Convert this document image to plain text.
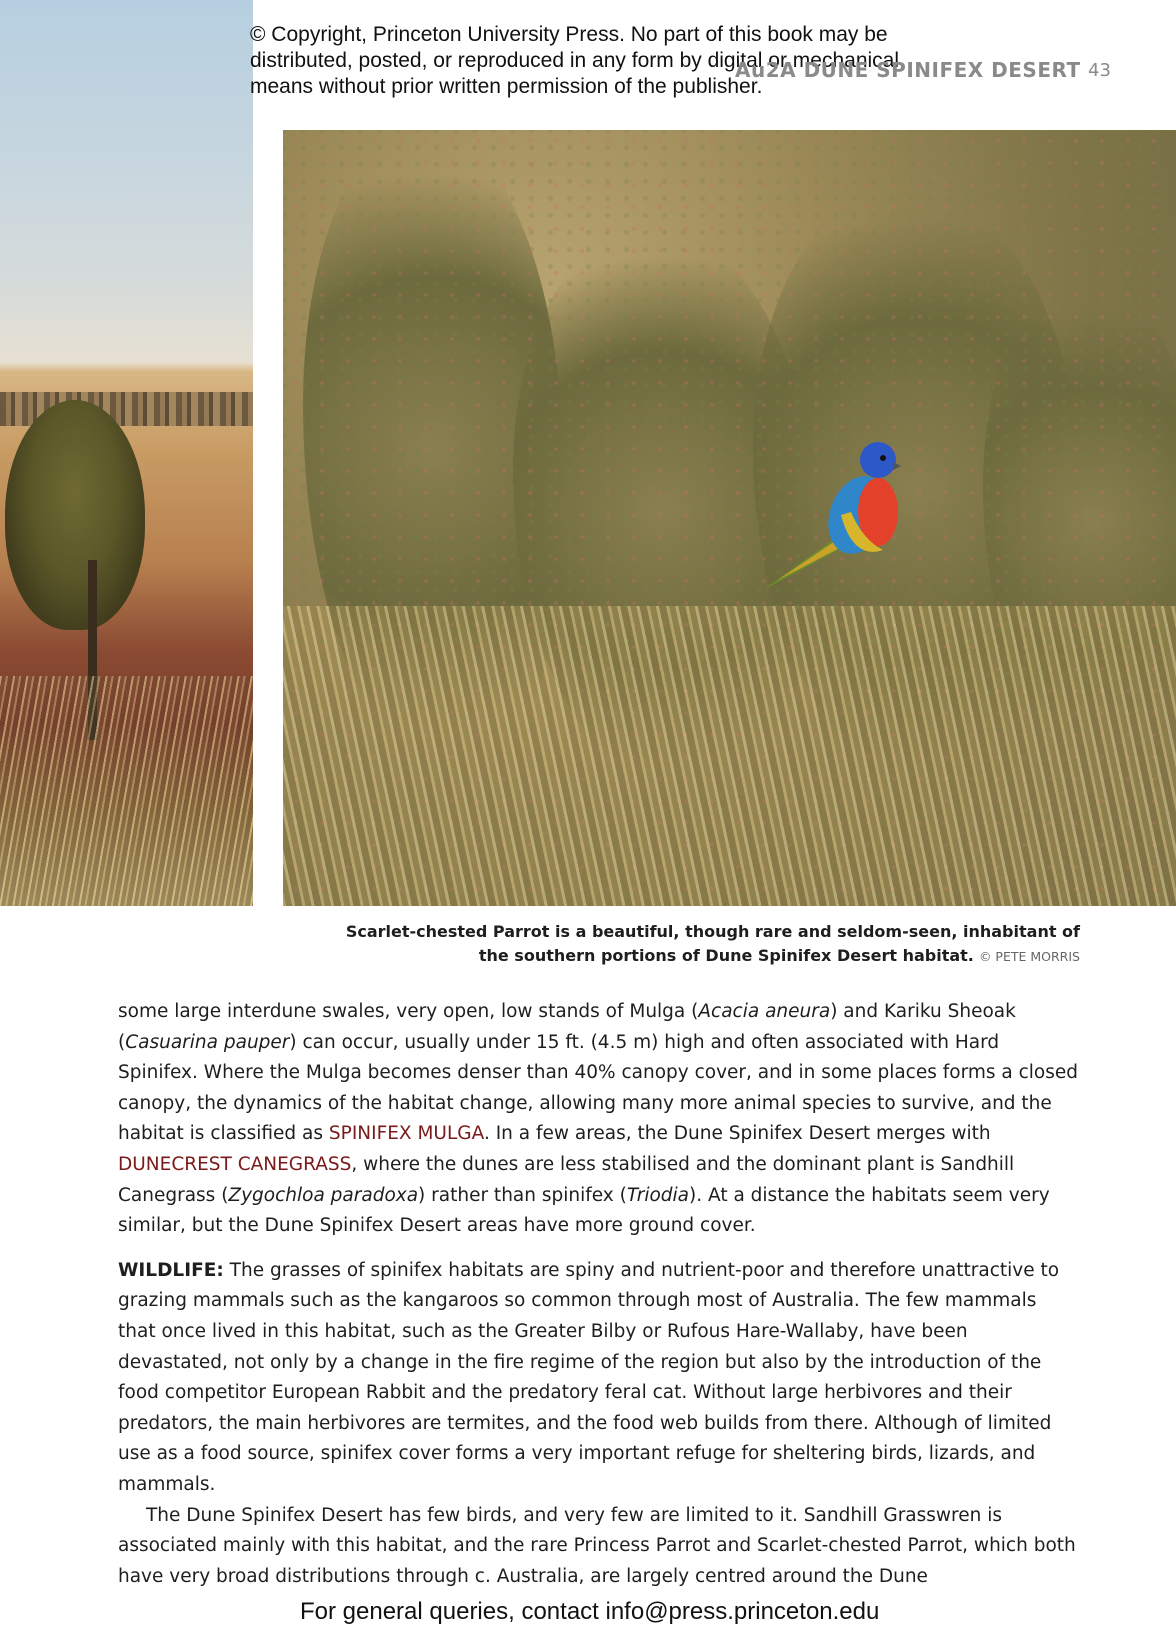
© Copyright, Princeton University Press. No part of this book may be distributed, posted, or reproduced in any form by digital or mechanical means without prior written permission of the publisher.
Au2A DUNE SPINIFEX DESERT 43
Scarlet-chested Parrot is a beautiful, though rare and seldom-seen, inhabitant of the southern portions of Dune Spinifex Desert habitat. © PETE MORRIS

some large interdune swales, very open, low stands of Mulga (Acacia aneura) and Kariku Sheoak (Casuarina pauper) can occur, usually under 15 ft. (4.5 m) high and often associated with Hard Spinifex. Where the Mulga becomes denser than 40% canopy cover, and in some places forms a closed canopy, the dynamics of the habitat change, allowing many more animal species to survive, and the habitat is classified as SPINIFEX MULGA. In a few areas, the Dune Spinifex Desert merges with DUNECREST CANEGRASS, where the dunes are less stabilised and the dominant plant is Sandhill Canegrass (Zygochloa paradoxa) rather than spinifex (Triodia). At a distance the habitats seem very similar, but the Dune Spinifex Desert areas have more ground cover.

WILDLIFE: The grasses of spinifex habitats are spiny and nutrient-poor and therefore unattractive to grazing mammals such as the kangaroos so common through most of Australia. The few mammals that once lived in this habitat, such as the Greater Bilby or Rufous Hare-Wallaby, have been devastated, not only by a change in the fire regime of the region but also by the introduction of the food competitor European Rabbit and the predatory feral cat. Without large herbivores and their predators, the main herbivores are termites, and the food web builds from there. Although of limited use as a food source, spinifex cover forms a very important refuge for sheltering birds, lizards, and mammals.

The Dune Spinifex Desert has few birds, and very few are limited to it. Sandhill Grasswren is associated mainly with this habitat, and the rare Princess Parrot and Scarlet-chested Parrot, which both have very broad distributions through c. Australia, are largely centred around the Dune

For general queries, contact info@press.princeton.edu
